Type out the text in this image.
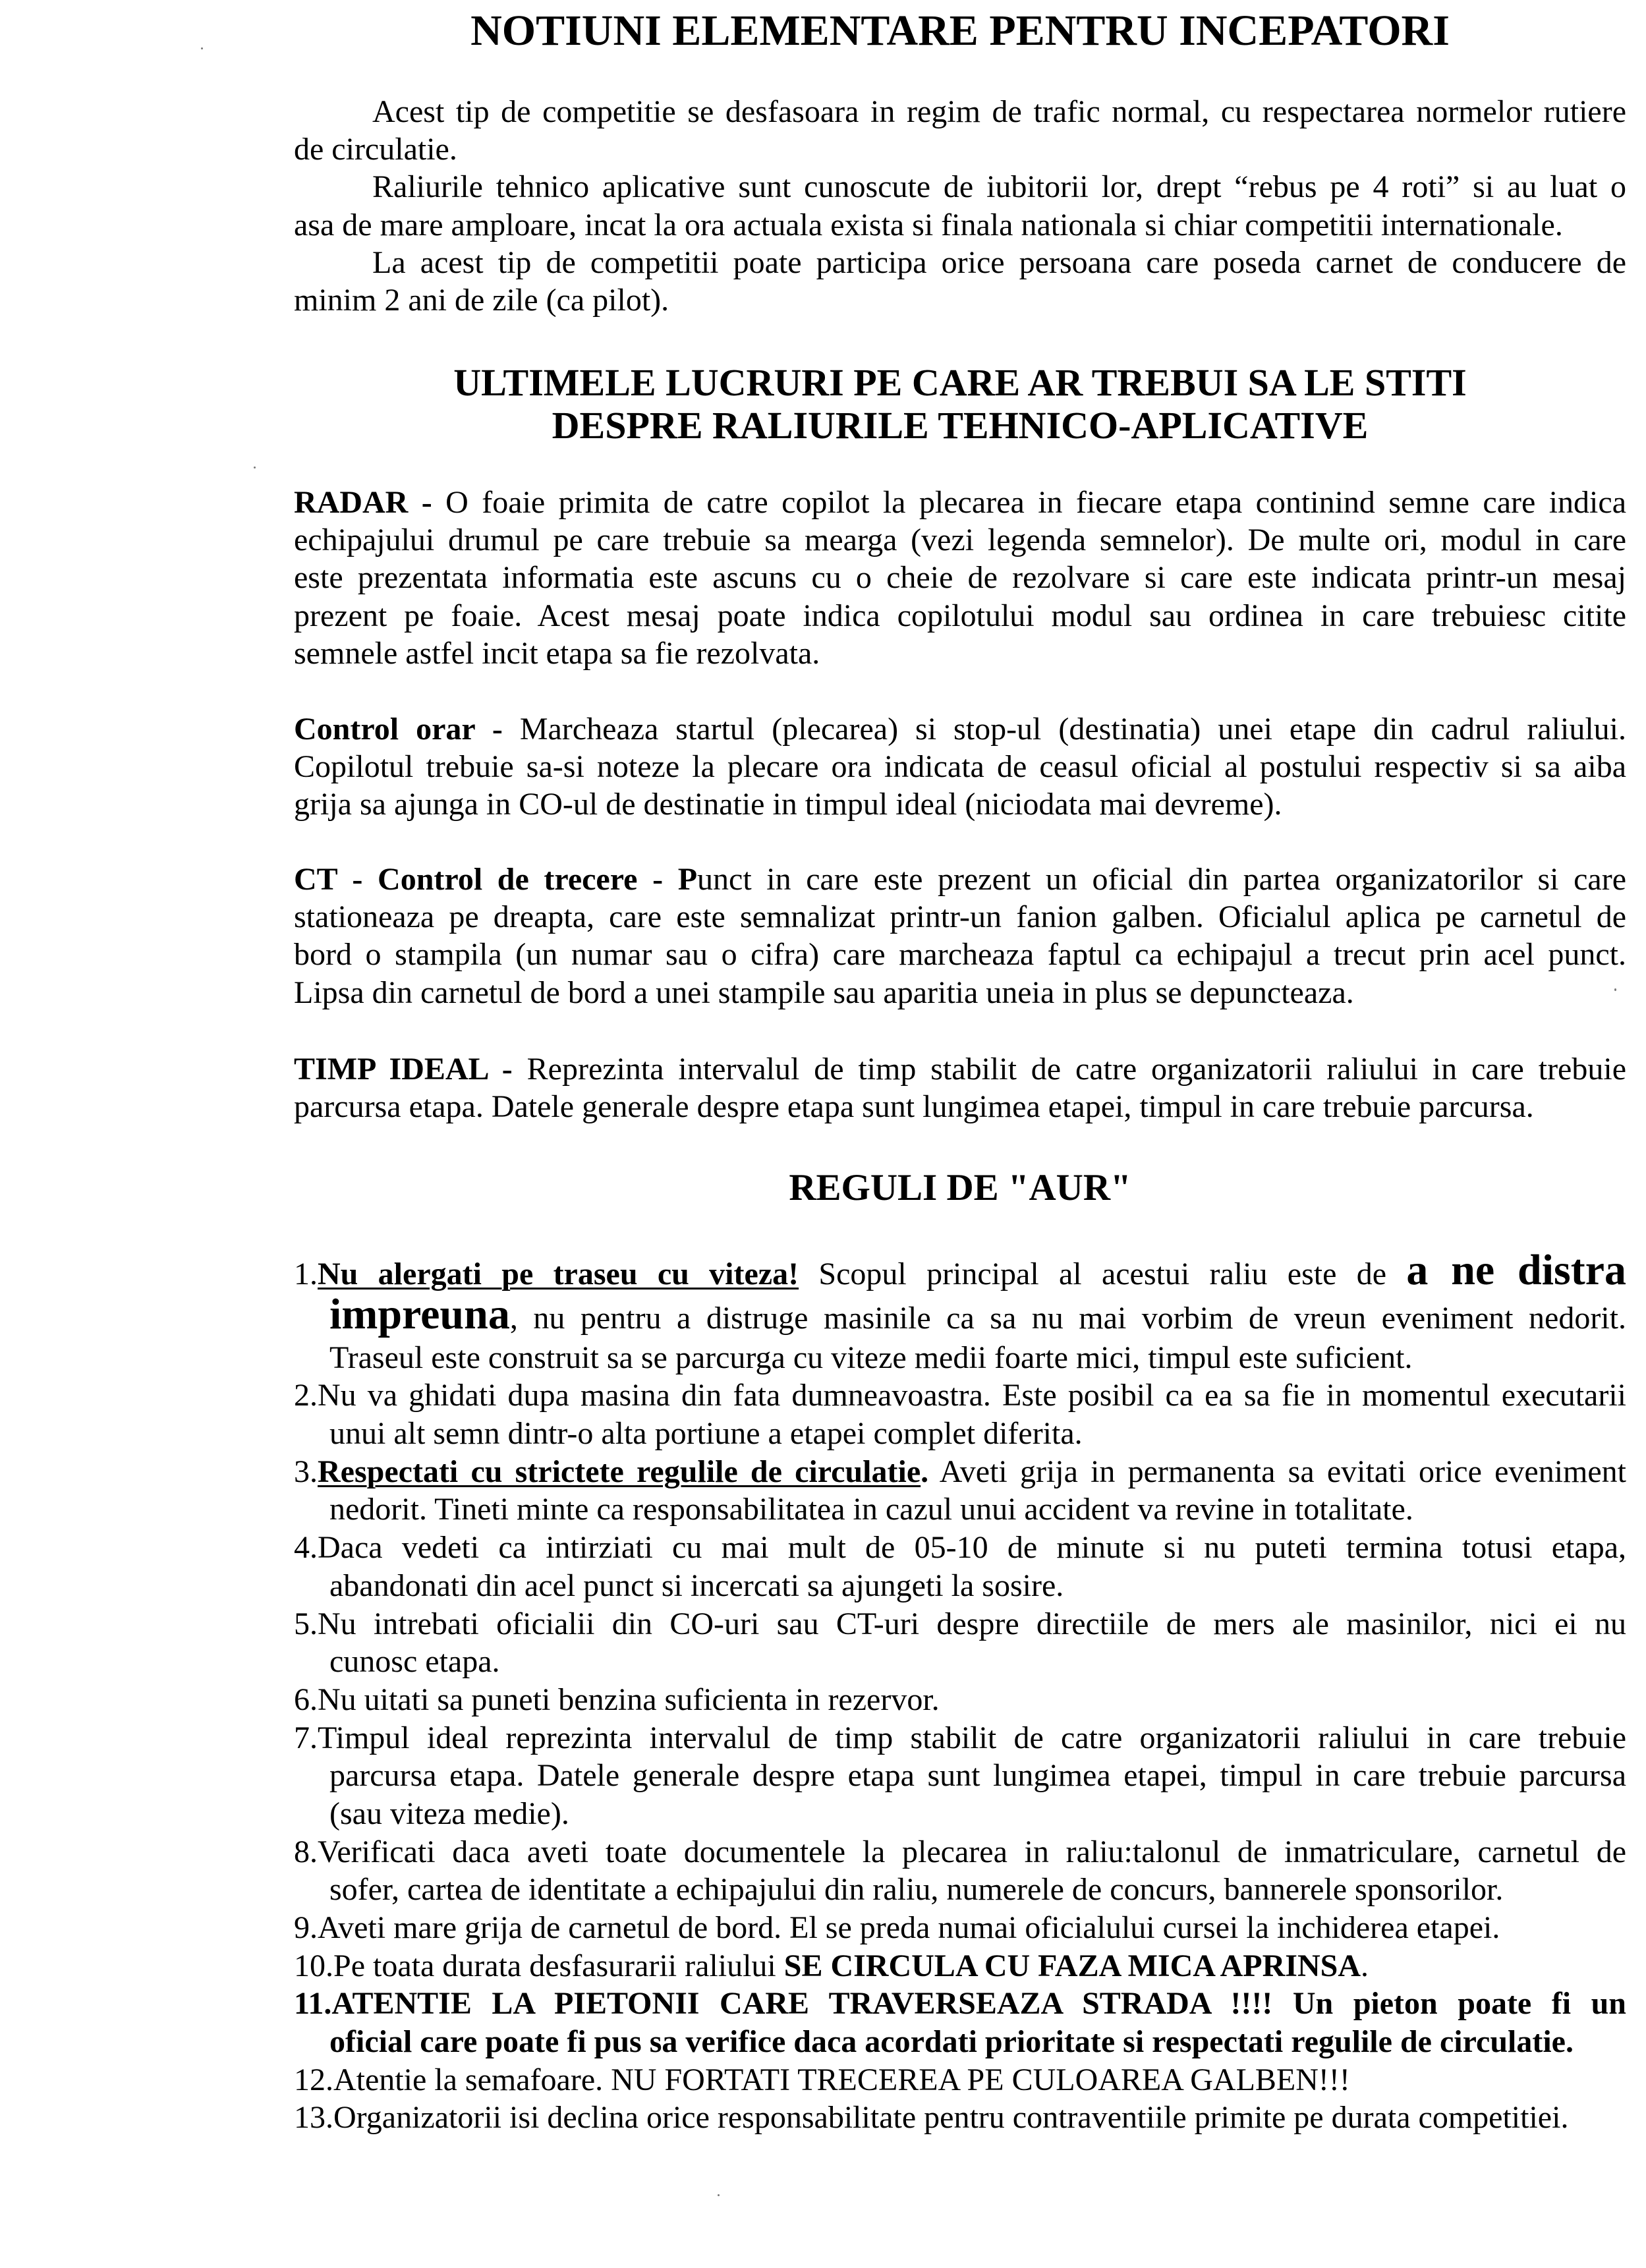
NOTIUNI ELEMENTARE PENTRU INCEPATORI
Acest tip de competitie se desfasoara in regim de trafic normal, cu respectarea normelor rutiere
de circulatie.
Raliurile tehnico aplicative sunt cunoscute de iubitorii lor, drept “rebus pe 4 roti” si au luat o
asa de mare amploare, incat la ora actuala exista si finala nationala si chiar competitii internationale.
La acest tip de competitii poate participa orice persoana care poseda carnet de conducere de
minim 2 ani de zile (ca pilot).
ULTIMELE LUCRURI PE CARE AR TREBUI SA LE STITI
DESPRE RALIURILE TEHNICO-APLICATIVE
RADAR - O foaie primita de catre copilot la plecarea in fiecare etapa continind semne care indica
echipajului drumul pe care trebuie sa mearga (vezi legenda semnelor). De multe ori, modul in care
este prezentata informatia este ascuns cu o cheie de rezolvare si care este indicata printr-un mesaj
prezent pe foaie. Acest mesaj poate indica copilotului modul sau ordinea in care trebuiesc citite
semnele astfel incit etapa sa fie rezolvata.
Control orar - Marcheaza startul (plecarea) si stop-ul (destinatia) unei etape din cadrul raliului.
Copilotul trebuie sa-si noteze la plecare ora indicata de ceasul oficial al postului respectiv si sa aiba
grija sa ajunga in CO-ul de destinatie in timpul ideal (niciodata mai devreme).
CT - Control de trecere - Punct in care este prezent un oficial din partea organizatorilor si care
stationeaza pe dreapta, care este semnalizat printr-un fanion galben. Oficialul aplica pe carnetul de
bord o stampila (un numar sau o cifra) care marcheaza faptul ca echipajul a trecut prin acel punct.
Lipsa din carnetul de bord a unei stampile sau aparitia uneia in plus se depuncteaza.
TIMP IDEAL - Reprezinta intervalul de timp stabilit de catre organizatorii raliului in care trebuie
parcursa etapa. Datele generale despre etapa sunt lungimea etapei, timpul in care trebuie parcursa.
REGULI DE "AUR"
1.Nu alergati pe traseu cu viteza! Scopul principal al acestui raliu este de a ne distra
impreuna, nu pentru a distruge masinile ca sa nu mai vorbim de vreun eveniment nedorit.
Traseul este construit sa se parcurga cu viteze medii foarte mici, timpul este suficient.
2.Nu va ghidati dupa masina din fata dumneavoastra. Este posibil ca ea sa fie in momentul executarii
unui alt semn dintr-o alta portiune a etapei complet diferita.
3.Respectati cu strictete regulile de circulatie. Aveti grija in permanenta sa evitati orice eveniment
nedorit. Tineti minte ca responsabilitatea in cazul unui accident va revine in totalitate.
4.Daca vedeti ca intirziati cu mai mult de 05-10 de minute si nu puteti termina totusi etapa,
abandonati din acel punct si incercati sa ajungeti la sosire.
5.Nu intrebati oficialii din CO-uri sau CT-uri despre directiile de mers ale masinilor, nici ei nu
cunosc etapa.
6.Nu uitati sa puneti benzina suficienta in rezervor.
7.Timpul ideal reprezinta intervalul de timp stabilit de catre organizatorii raliului in care trebuie
parcursa etapa. Datele generale despre etapa sunt lungimea etapei, timpul in care trebuie parcursa
(sau viteza medie).
8.Verificati daca aveti toate documentele la plecarea in raliu:talonul de inmatriculare, carnetul de
sofer, cartea de identitate a echipajului din raliu, numerele de concurs, bannerele sponsorilor.
9.Aveti mare grija de carnetul de bord. El se preda numai oficialului cursei la inchiderea etapei.
10.Pe toata durata desfasurarii raliului SE CIRCULA CU FAZA MICA APRINSA.
11.ATENTIE LA PIETONII CARE TRAVERSEAZA STRADA !!!! Un pieton poate fi un
oficial care poate fi pus sa verifice daca acordati prioritate si respectati regulile de circulatie.
12.Atentie la semafoare. NU FORTATI TRECEREA PE CULOAREA GALBEN!!!
13.Organizatorii isi declina orice responsabilitate pentru contraventiile primite pe durata competitiei.
